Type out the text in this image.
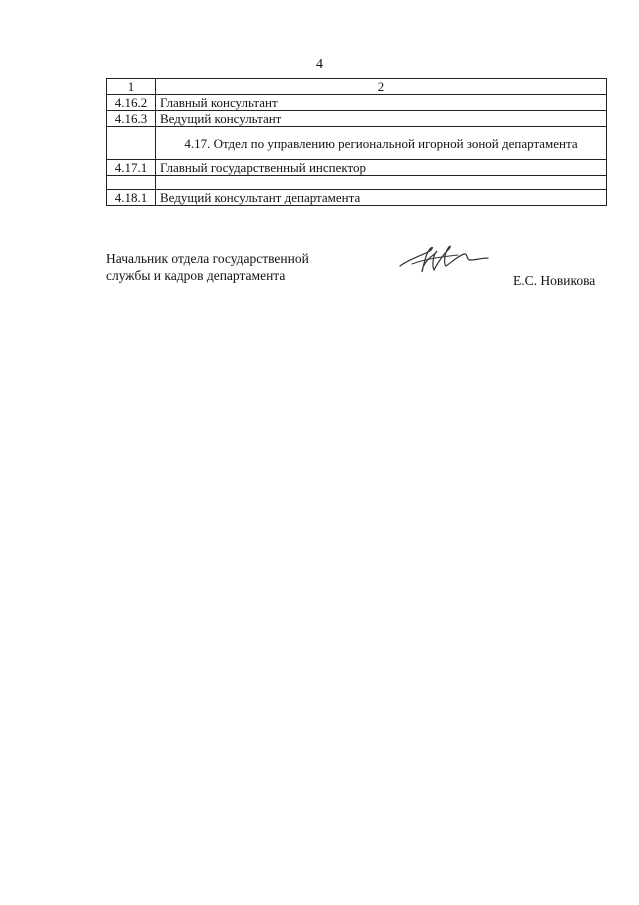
4
1	2
4.16.2	Главный консультант
4.16.3	Ведущий консультант
	4.17. Отдел по управлению региональной игорной зоной департамента
4.17.1	Главный государственный инспектор

4.18.1	Ведущий консультант департамента
Начальник отдела государственной
службы и кадров департамента	Е.С. Новикова
